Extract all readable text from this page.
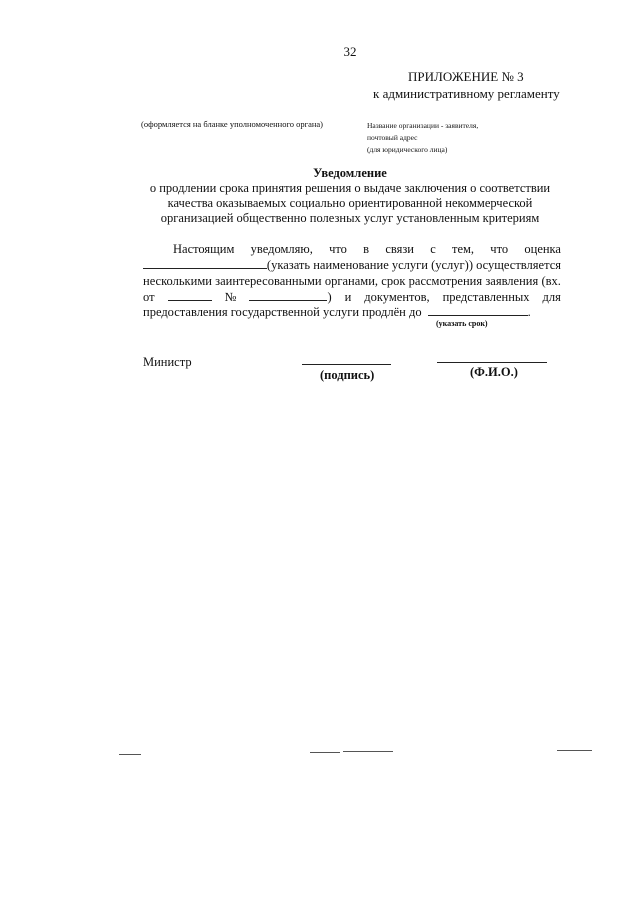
32
ПРИЛОЖЕНИЕ № 3
к административному регламенту
(оформляется на бланке уполномоченного органа)	Название организации - заявителя,
почтовый адрес
(для юридического лица)
Уведомление
о продлении срока принятия решения о выдаче заключения о соответствии
качества оказываемых социально ориентированной некоммерческой
организацией общественно полезных услуг установленным критериям
Настоящим уведомляю, что в связи с тем, что оценка
(указать наименование услуги (услуг)) осуществляется
несколькими заинтересованными органами, срок рассмотрения заявления (вх.
от	№	) и документов, представленных для
предоставления государственной услуги продлён до	.
(указать срок)
Министр
(подпись)	(Ф.И.О.)
